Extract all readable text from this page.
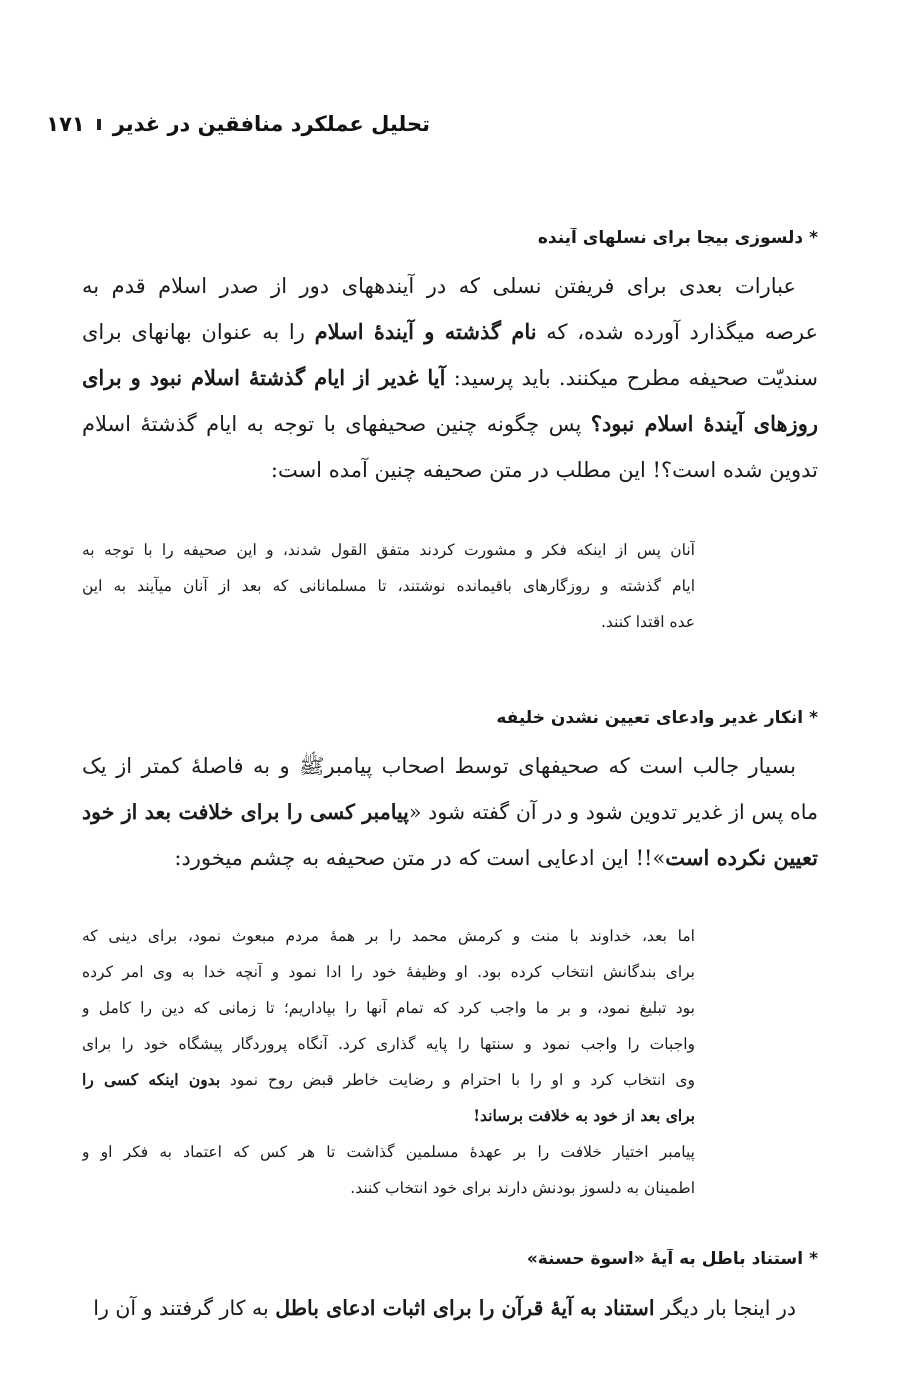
تحلیل عملکرد منافقین در غدیر
۱۷۱
*دلسوزی بیجا برای نسلهای آینده
عبارات بعدی برای فریفتن نسلی که در آیندههای دور از صدر اسلام قدم به
عرصه میگذارد آورده شده، که نام گذشته و آیندهٔ اسلام را به عنوان بهانهای برای
سندیّت صحیفه مطرح میکنند. باید پرسید: آیا غدیر از ایام گذشتهٔ اسلام نبود و برای
روزهای آیندهٔ اسلام نبود؟ پس چگونه چنین صحیفهای با توجه به ایام گذشتهٔ اسلام
تدوین شده است؟! این مطلب در متن صحیفه چنین آمده است:
آنان پس از اینکه فکر و مشورت کردند متفق القول شدند، و این صحیفه را با توجه به
ایام گذشته و روزگارهای باقیمانده نوشتند، تا مسلمانانی که بعد از آنان میآیند به این
عده اقتدا کنند.
*انکار غدیر وادعای تعیین نشدن خلیفه
بسیار جالب است که صحیفهای توسط اصحاب پیامبرﷺ و به فاصلهٔ کمتر از یک
ماه پس از غدیر تدوین شود و در آن گفته شود «پیامبر کسی را برای خلافت بعد از خود
تعیین نکرده است»!! این ادعایی است که در متن صحیفه به چشم میخورد:
اما بعد، خداوند با منت و کرمش محمد را بر همهٔ مردم مبعوث نمود، برای دینی که
برای بندگانش انتخاب کرده بود. او وظیفهٔ خود را ادا نمود و آنچه خدا به وی امر کرده
بود تبلیغ نمود، و بر ما واجب کرد که تمام آنها را بپاداریم؛ تا زمانی که دین را کامل و
واجبات را واجب نمود و سنتها را پایه گذاری کرد. آنگاه پروردگار پیشگاه خود را برای
وی انتخاب کرد و او را با احترام و رضایت خاطر قبض روح نمود بدون اینکه کسی را
برای بعد از خود به خلافت برساند!
پیامبر اختیار خلافت را بر عهدهٔ مسلمین گذاشت تا هر کس که اعتماد به فکر او و
اطمینان به دلسوز بودنش دارند برای خود انتخاب کنند.
*استناد باطل به آیهٔ «اسوة حسنة»
در اینجا بار دیگر استناد به آیهٔ قرآن را برای اثبات ادعای باطل به کار گرفتند و آن را
